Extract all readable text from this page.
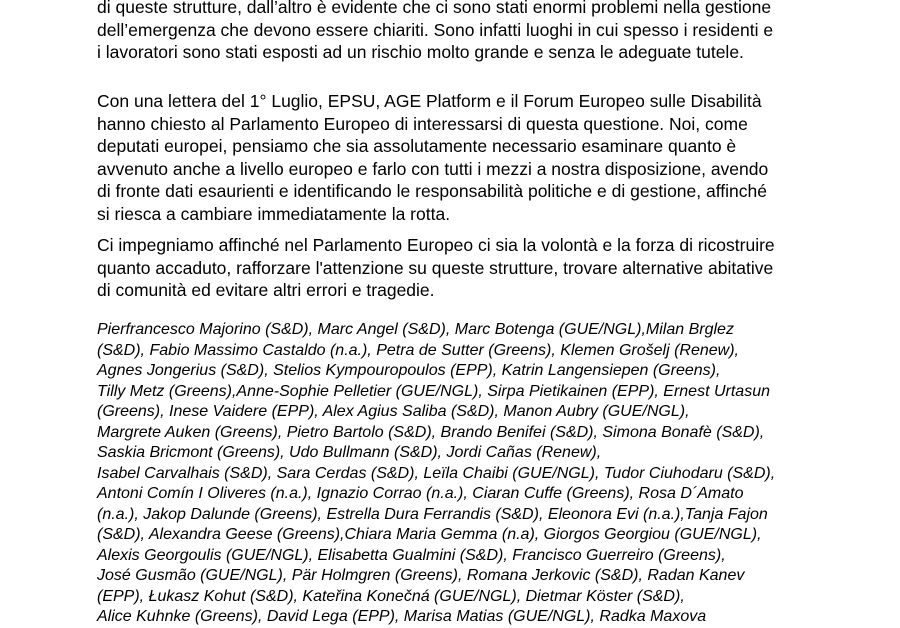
di queste strutture, dall’altro è evidente che ci sono stati enormi problemi nella gestione
dell’emergenza che devono essere chiariti. Sono infatti luoghi in cui spesso i residenti e
i lavoratori sono stati esposti ad un rischio molto grande e senza le adeguate tutele.

Con una lettera del 1° Luglio, EPSU, AGE Platform e il Forum Europeo sulle Disabilità
hanno chiesto al Parlamento Europeo di interessarsi di questa questione. Noi, come
deputati europei, pensiamo che sia assolutamente necessario esaminare quanto è
avvenuto anche a livello europeo e farlo con tutti i mezzi a nostra disposizione, avendo
di fronte dati esaurienti e identificando le responsabilità politiche e di gestione, affinché
si riesca a cambiare immediatamente la rotta.

Ci impegniamo affinché nel Parlamento Europeo ci sia la volontà e la forza di ricostruire
quanto accaduto, rafforzare l'attenzione su queste strutture, trovare alternative abitative
di comunità ed evitare altri errori e tragedie.

Pierfrancesco Majorino (S&D), Marc Angel (S&D), Marc Botenga (GUE/NGL),Milan Brglez
(S&D), Fabio Massimo Castaldo (n.a.), Petra de Sutter (Greens), Klemen Grošelj (Renew),
Agnes Jongerius (S&D), Stelios Kympouropoulos (EPP), Katrin Langensiepen (Greens),
Tilly Metz (Greens),Anne-Sophie Pelletier (GUE/NGL), Sirpa Pietikainen (EPP), Ernest Urtasun
(Greens), Inese Vaidere (EPP), Alex Agius Saliba (S&D), Manon Aubry (GUE/NGL),
Margrete Auken (Greens), Pietro Bartolo (S&D), Brando Benifei (S&D), Simona Bonafè (S&D),
Saskia Bricmont (Greens), Udo Bullmann (S&D), Jordi Cañas (Renew),
Isabel Carvalhais (S&D), Sara Cerdas (S&D), Leïla Chaibi (GUE/NGL), Tudor Ciuhodaru (S&D),
Antoni Comín I Oliveres (n.a.), Ignazio Corrao (n.a.), Ciaran Cuffe (Greens), Rosa D´Amato
(n.a.), Jakop Dalunde (Greens), Estrella Dura Ferrandis (S&D), Eleonora Evi (n.a.),Tanja Fajon
(S&D), Alexandra Geese (Greens),Chiara Maria Gemma (n.a), Giorgos Georgiou (GUE/NGL),
Alexis Georgoulis (GUE/NGL), Elisabetta Gualmini (S&D), Francisco Guerreiro (Greens),
José Gusmão (GUE/NGL), Pär Holmgren (Greens), Romana Jerkovic (S&D), Radan Kanev
(EPP), Łukasz Kohut (S&D), Kateřina Konečná (GUE/NGL), Dietmar Köster (S&D),
Alice Kuhnke (Greens), David Lega (EPP), Marisa Matias (GUE/NGL), Radka Maxova
